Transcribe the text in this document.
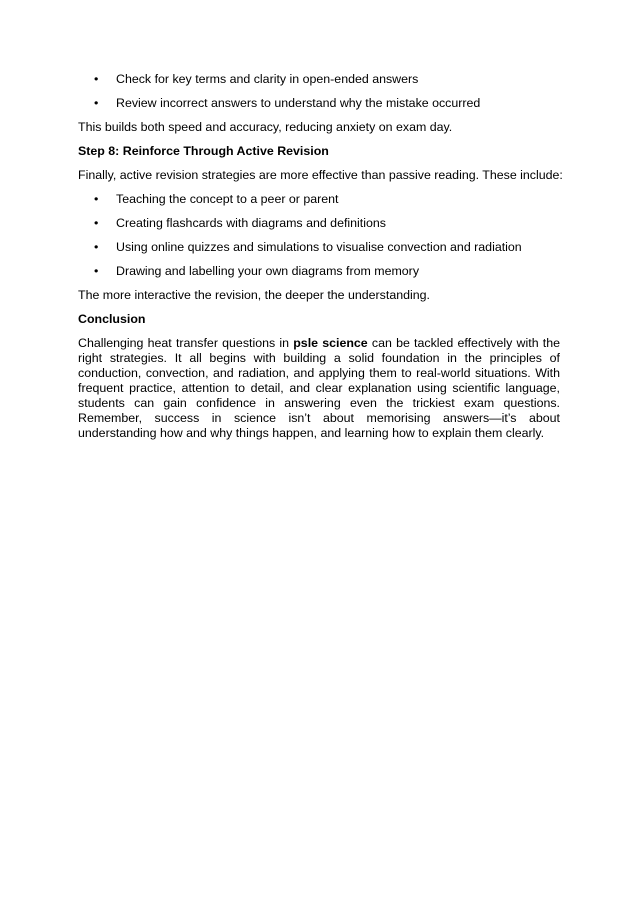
• Check for key terms and clarity in open-ended answers
• Review incorrect answers to understand why the mistake occurred

This builds both speed and accuracy, reducing anxiety on exam day.

Step 8: Reinforce Through Active Revision

Finally, active revision strategies are more effective than passive reading. These include:

• Teaching the concept to a peer or parent
• Creating flashcards with diagrams and definitions
• Using online quizzes and simulations to visualise convection and radiation
• Drawing and labelling your own diagrams from memory

The more interactive the revision, the deeper the understanding.

Conclusion

Challenging heat transfer questions in psle science can be tackled effectively with the right strategies. It all begins with building a solid foundation in the principles of conduction, convection, and radiation, and applying them to real-world situations. With frequent practice, attention to detail, and clear explanation using scientific language, students can gain confidence in answering even the trickiest exam questions. Remember, success in science isn’t about memorising answers—it’s about understanding how and why things happen, and learning how to explain them clearly.
